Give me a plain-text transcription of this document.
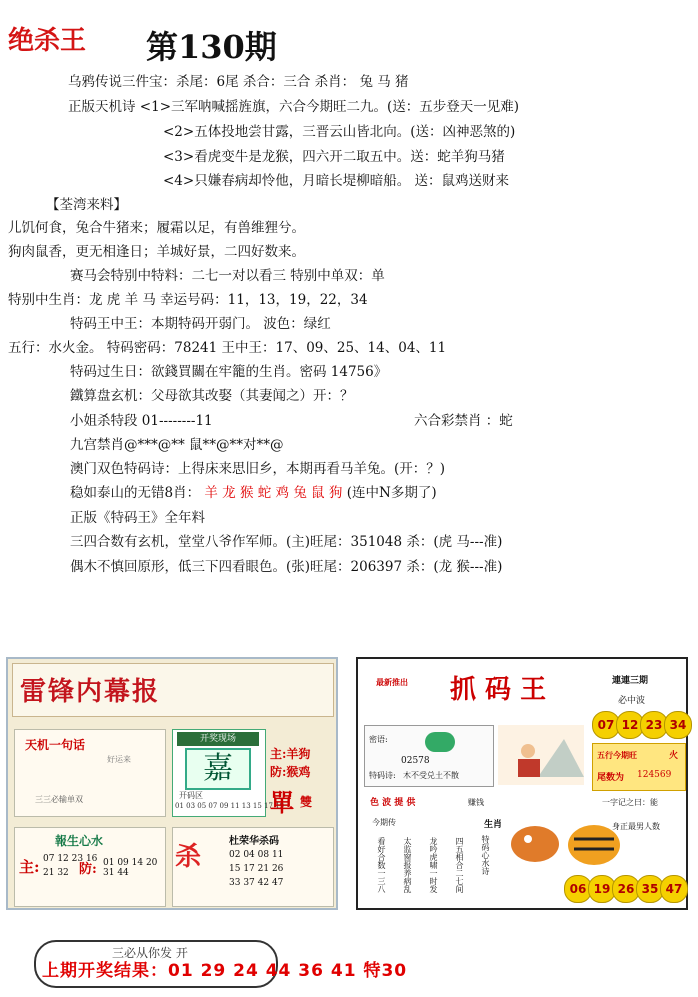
绝杀王 第130期
乌鸦传说三件宝：杀尾：6尾 杀合：三合 杀肖： 兔 马 猪
正版天机诗 <1>三军呐喊摇旌旗，六合今期旺二九。(送：五步登天一见难)
<2>五体投地尝甘露，三晋云山皆北向。(送：凶神恶煞的)
<3>看虎变牛是龙猴，四六开二取五中。送：蛇羊狗马猪
<4>只嫌春病却怜他，月暗长堤柳暗船。 送：鼠鸡送财来
【荃湾来料】
儿饥何食，兔合牛猪来；履霜以足，有兽维狸兮。
狗肉鼠香，更无相逢日；羊城好景，二四好数来。
赛马会特别中特料：二七一对以看三 特别中单双：单
特别中生肖：龙 虎 羊 马 幸运号码：11，13，19，22，34
特码王中王：本期特码开弱门。 波色：绿红
五行：水火金。 特码密码：78241 王中王：17、09、25、14、04、11
特码过生日：欲錢買關在牢籠的生肖。密码 14756》
鐵算盘玄机：父母欲其改娶（其妻闻之）开：？
小姐杀特段 01--------11	六合彩禁肖 ：蛇
九宫禁肖@***@** 鼠**@**对**@
澳门双色特码诗：上得床来思旧乡，本期再看马羊兔。(开：？)
稳如泰山的无错8肖： 羊 龙 猴 蛇 鸡 兔 鼠 狗 (连中N多期了)
正版《特码王》全年料
三四合数有玄机，堂堂八爷作军师。(主)旺尾：351048 杀：(虎 马---准)
偶木不慎回原形，低三下四看眼色。(张)旺尾：206397 杀：(龙 猴---准)
雷锋内幕报
天机一句话
好运来
三三必输单双
報生心水
主: 07 12 23 16
21 32 防: 01 09 14 20 31 44
开奖现场
嘉
开码区
01 03 05 07 09 11 13 15 17 19
主:羊狗
防:猴鸡
單 雙
杀
杜荣华杀码
02 04 08 11
15 17 21 26
33 37 42 47
最新推出 抓 码 王	連連三期
必中波
07 12 23 34
密语:
02578
特码诗: 木不受兑土不散
五行今期旺	火
尾数为 124569
色 波 提 供	赚钱
今期传	生肖
看好合数一三八 太监窗报养病乱 龙吟虎啸一时发 四五相合二七间 特码心水诗
一字记之曰：能
身正最男人数
06 19 26 35 47
三必从你发 开
上期开奖结果：01 29 24 44 36 41 特30
